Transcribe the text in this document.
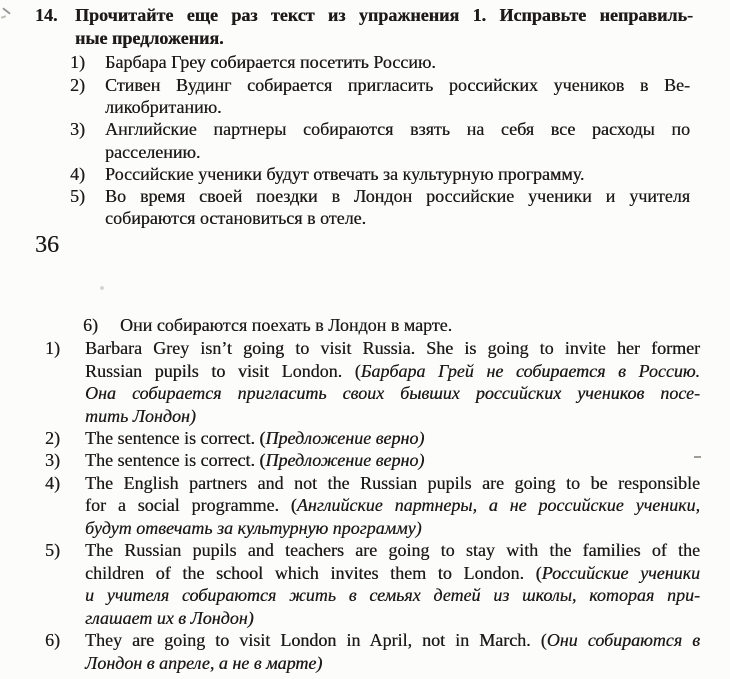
14. Прочитайте еще раз текст из упражнения 1. Исправьте неправиль-
ные предложения.
1)	Барбара Греу собирается посетить Россию.
2)	Стивен Вудинг собирается пригласить российских учеников в Ве-
ликобританию.
3)	Английские партнеры собираются взять на себя все расходы по
расселению.
4)	Российские ученики будут отвечать за культурную программу.
5)	Во время своей поездки в Лондон российские ученики и учителя
собираются остановиться в отеле.
36
6)	Они собираются поехать в Лондон в марте.
1)	Barbara Grey isn’t going to visit Russia. She is going to invite her former
Russian pupils to visit London. (Барбара Грей не собирается в Россию.
Она собирается пригласить своих бывших российских учеников посе-
тить Лондон)
2)	The sentence is correct. (Предложение верно)
3)	The sentence is correct. (Предложение верно)
4)	The English partners and not the Russian pupils are going to be responsible
for a social programme. (Английские партнеры, а не российские ученики,
будут отвечать за культурную программу)
5)	The Russian pupils and teachers are going to stay with the families of the
children of the school which invites them to London. (Российские ученики
и учителя собираются жить в семьях детей из школы, которая при-
глашает их в Лондон)
6)	They are going to visit London in April, not in March. (Они собираются в
Лондон в апреле, а не в марте)
